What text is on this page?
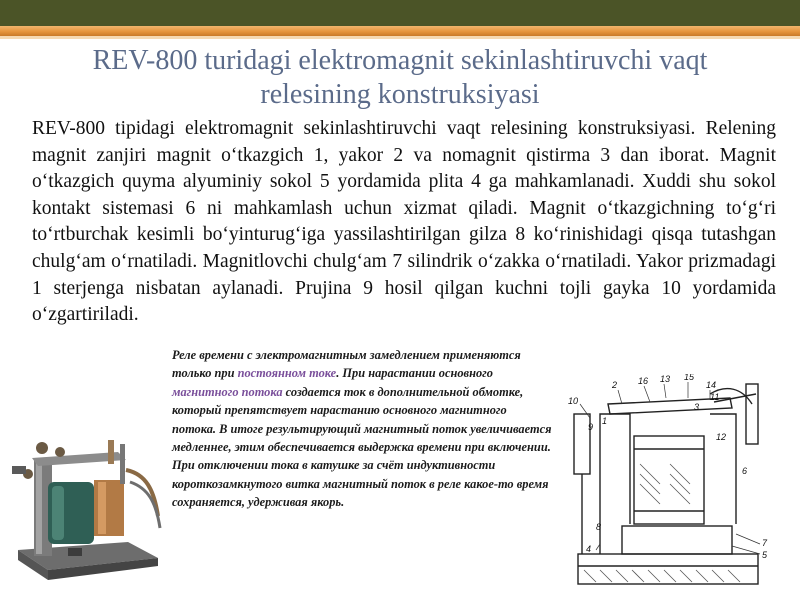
REV-800 turidagi elektromagnit sekinlashtiruvchi vaqt
relesining konstruksiyasi

REV-800 tipidagi elektromagnit sekinlashtiruvchi vaqt relesining konstruksiyasi. Relening magnit zanjiri magnit o‘tkazgich 1, yakor 2 va nomagnit qistirma 3 dan iborat. Magnit o‘tkazgich quyma alyuminiy sokol 5 yordamida plita 4 ga mahkamlanadi. Xuddi shu sokol kontakt sistemasi 6 ni mahkamlash uchun xizmat qiladi. Magnit o‘tkazgichning to‘g‘ri to‘rtburchak kesimli bo‘yinturug‘iga yassilashtirilgan gilza 8 ko‘rinishidagi qisqa tutashgan chulg‘am o‘rnatiladi. Magnitlovchi chulg‘am 7 silindrik o‘zakka o‘rnatiladi. Yakor prizmadagi 1 sterjenga nisbatan aylanadi. Prujina 9 hosil qilgan kuchni tojli gayka 10 yordamida o‘zgartiriladi.

Реле времени с электромагнитным замедлением применяются только при постоянном токе. При нарастании основного магнитного потока создается ток в дополнительной обмотке, который препятствует нарастанию основного магнитного потока. В итоге результирующий магнитный поток увеличивается медленнее, этим обеспечивается выдержка времени при включении. При отключении тока в катушке за счёт индуктивности короткозамкнутого витка магнитный поток в реле какое-то время сохраняется, удерживая якорь.

10
2 16 13 15
14
11
3
12
9
1
6
8
7
5
4
